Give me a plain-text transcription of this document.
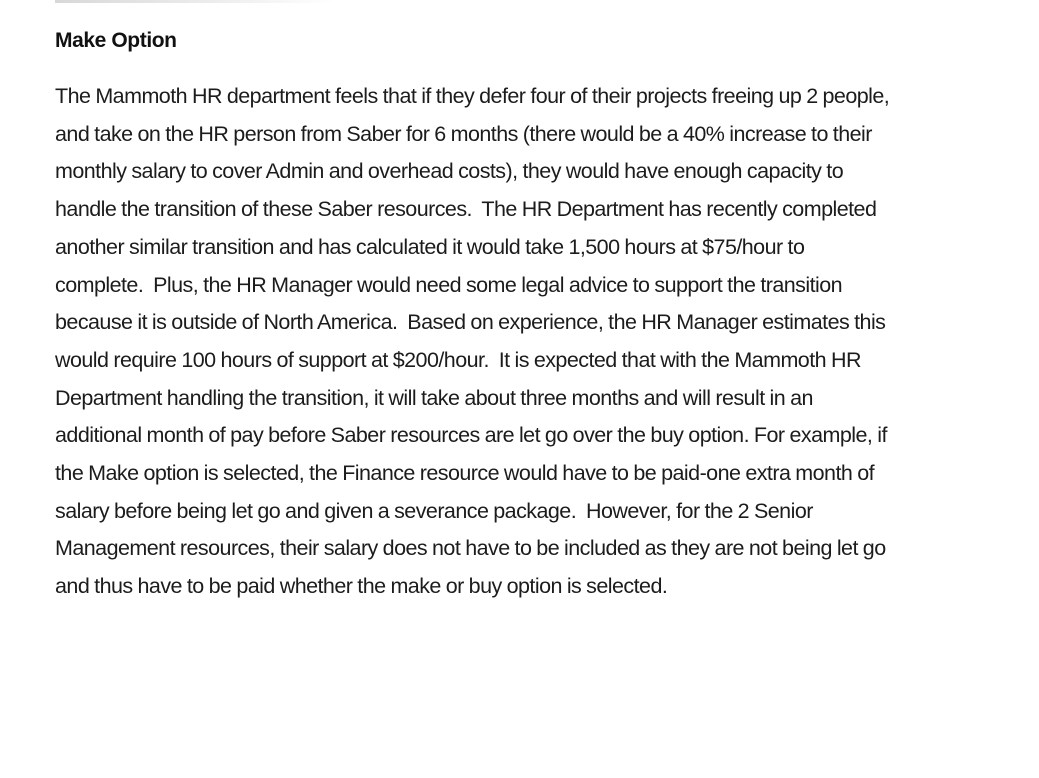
Make Option

The Mammoth HR department feels that if they defer four of their projects freeing up 2 people,
and take on the HR person from Saber for 6 months (there would be a 40% increase to their
monthly salary to cover Admin and overhead costs), they would have enough capacity to
handle the transition of these Saber resources.  The HR Department has recently completed
another similar transition and has calculated it would take 1,500 hours at $75/hour to
complete.  Plus, the HR Manager would need some legal advice to support the transition
because it is outside of North America.  Based on experience, the HR Manager estimates this
would require 100 hours of support at $200/hour.  It is expected that with the Mammoth HR
Department handling the transition, it will take about three months and will result in an
additional month of pay before Saber resources are let go over the buy option. For example, if
the Make option is selected, the Finance resource would have to be paid-one extra month of
salary before being let go and given a severance package.  However, for the 2 Senior
Management resources, their salary does not have to be included as they are not being let go
and thus have to be paid whether the make or buy option is selected.
